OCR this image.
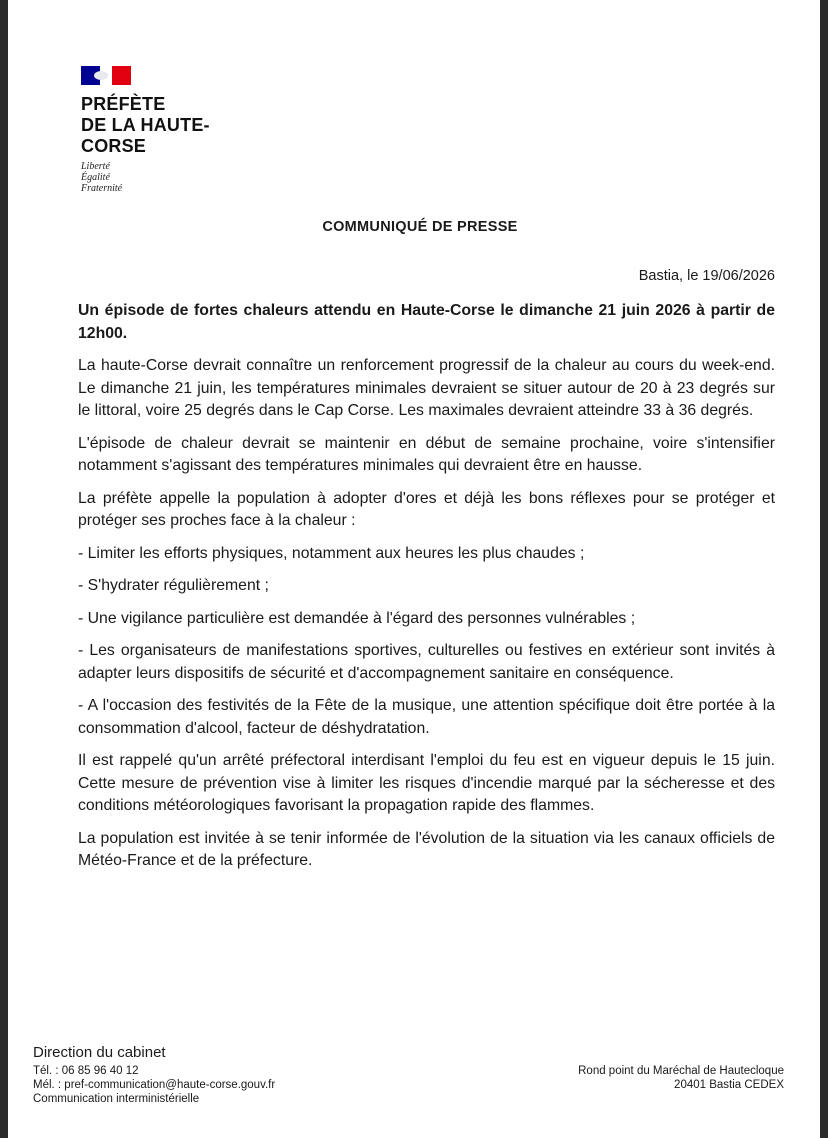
PRÉFÈTE
DE LA HAUTE-
CORSE
Liberté
Égalité
Fraternité
COMMUNIQUÉ DE PRESSE
Bastia, le 19/06/2026

Un épisode de fortes chaleurs attendu en Haute-Corse le dimanche 21 juin 2026 à partir de 12h00.

La haute-Corse devrait connaître un renforcement progressif de la chaleur au cours du week-end. Le dimanche 21 juin, les températures minimales devraient se situer autour de 20 à 23 degrés sur le littoral, voire 25 degrés dans le Cap Corse. Les maximales devraient atteindre 33 à 36 degrés.

L'épisode de chaleur devrait se maintenir en début de semaine prochaine, voire s'intensifier notamment s'agissant des températures minimales qui devraient être en hausse.

La préfète appelle la population à adopter d'ores et déjà les bons réflexes pour se protéger et protéger ses proches face à la chaleur :

- Limiter les efforts physiques, notamment aux heures les plus chaudes ;

- S'hydrater régulièrement ;

- Une vigilance particulière est demandée à l'égard des personnes vulnérables ;

- Les organisateurs de manifestations sportives, culturelles ou festives en extérieur sont invités à adapter leurs dispositifs de sécurité et d'accompagnement sanitaire en conséquence.

- A l'occasion des festivités de la Fête de la musique, une attention spécifique doit être portée à la consommation d'alcool, facteur de déshydratation.

Il est rappelé qu'un arrêté préfectoral interdisant l'emploi du feu est en vigueur depuis le 15 juin. Cette mesure de prévention vise à limiter les risques d'incendie marqué par la sécheresse et des conditions météorologiques favorisant la propagation rapide des flammes.

La population est invitée à se tenir informée de l'évolution de la situation via les canaux officiels de Météo-France et de la préfecture.

Direction du cabinet
Tél. : 06 85 96 40 12
Mél. : pref-communication@haute-corse.gouv.fr
Communication interministérielle
Rond point du Maréchal de Hautecloque
20401 Bastia CEDEX
